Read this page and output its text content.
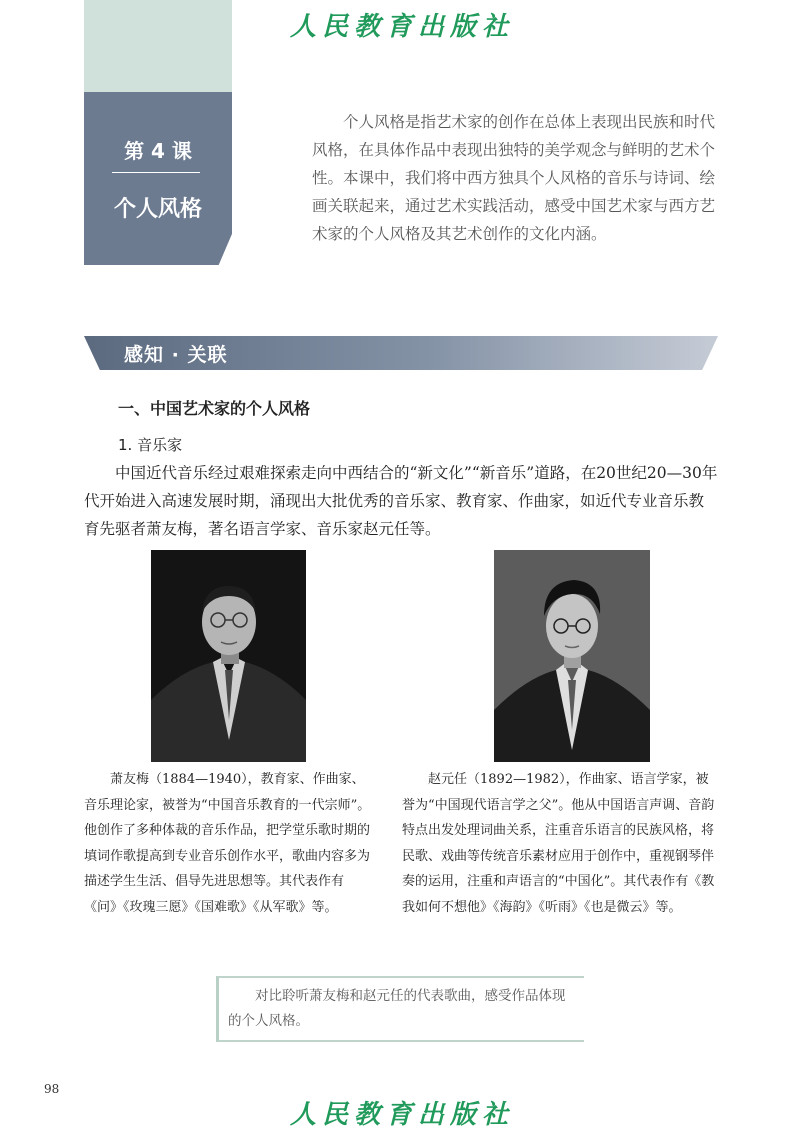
人民教育出版社
第 4 课
个人风格

个人风格是指艺术家的创作在总体上表现出民族和时代风格，在具体作品中表现出独特的美学观念与鲜明的艺术个性。本课中，我们将中西方独具个人风格的音乐与诗词、绘画关联起来，通过艺术实践活动，感受中国艺术家与西方艺术家的个人风格及其艺术创作的文化内涵。

感知 · 关联
一、中国艺术家的个人风格
1. 音乐家

中国近代音乐经过艰难探索走向中西结合的“新文化”“新音乐”道路，在20世纪20—30年代开始进入高速发展时期，涌现出大批优秀的音乐家、教育家、作曲家，如近代专业音乐教育先驱者萧友梅，著名语言学家、音乐家赵元任等。

萧友梅（1884—1940），教育家、作曲家、音乐理论家，被誉为“中国音乐教育的一代宗师”。他创作了多种体裁的音乐作品，把学堂乐歌时期的填词作歌提高到专业音乐创作水平，歌曲内容多为描述学生生活、倡导先进思想等。其代表作有《问》《玫瑰三愿》《国难歌》《从军歌》等。

赵元任（1892—1982），作曲家、语言学家，被誉为“中国现代语言学之父”。他从中国语言声调、音韵特点出发处理词曲关系，注重音乐语言的民族风格，将民歌、戏曲等传统音乐素材应用于创作中，重视钢琴伴奏的运用，注重和声语言的“中国化”。其代表作有《教我如何不想他》《海韵》《听雨》《也是微云》等。

对比聆听萧友梅和赵元任的代表歌曲，感受作品体现的个人风格。

98
人民教育出版社
